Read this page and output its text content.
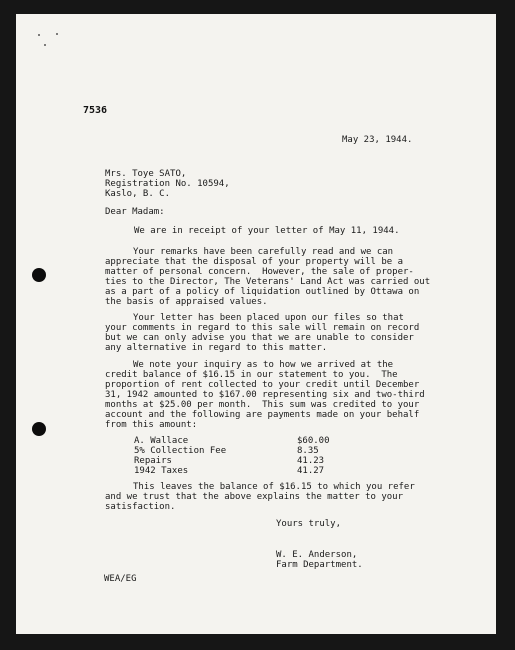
7536
May 23, 1944.
Mrs. Toye SATO,
Registration No. 10594,
Kaslo, B. C.
Dear Madam:
We are in receipt of your letter of May 11, 1944.
Your remarks have been carefully read and we can
appreciate that the disposal of your property will be a
matter of personal concern.  However, the sale of proper-
ties to the Director, The Veterans' Land Act was carried out
as a part of a policy of liquidation outlined by Ottawa on
the basis of appraised values.
Your letter has been placed upon our files so that
your comments in regard to this sale will remain on record
but we can only advise you that we are unable to consider
any alternative in regard to this matter.
We note your inquiry as to how we arrived at the
credit balance of $16.15 in our statement to you.  The
proportion of rent collected to your credit until December
31, 1942 amounted to $167.00 representing six and two-third
months at $25.00 per month.  This sum was credited to your
account and the following are payments made on your behalf
from this amount:
A. Wallace	$60.00
5% Collection Fee	8.35
Repairs	41.23
1942 Taxes	41.27
This leaves the balance of $16.15 to which you refer
and we trust that the above explains the matter to your
satisfaction.
Yours truly,
W. E. Anderson,
Farm Department.
WEA/EG
